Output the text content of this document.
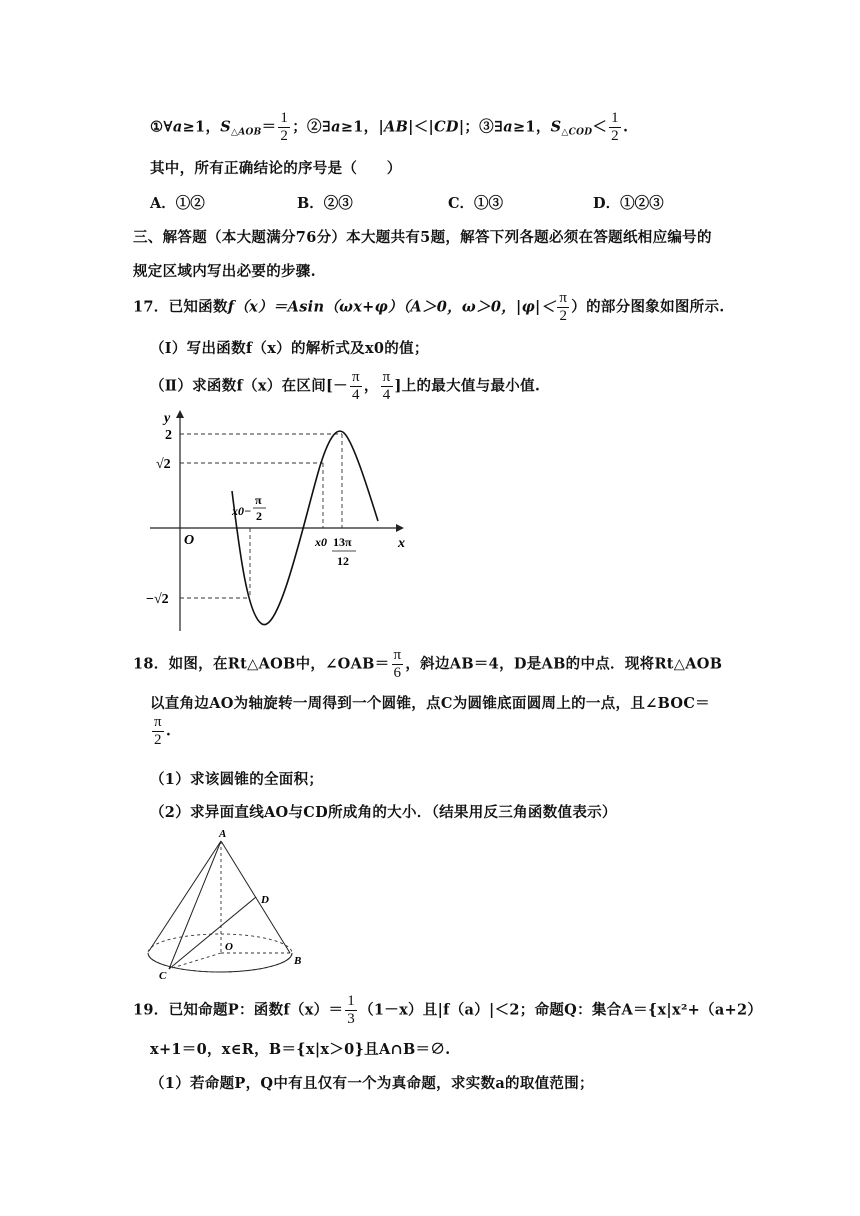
①∀a≥1，$S_{\triangle AOB}= \frac{1}{2}$ ；②∃a≥1，|AB|＜|CD|；③∃a≥1，$S_{\triangle COD}< \frac{1}{2}$ .
其中，所有正确结论的序号是（　　）
A．①②	B．②③	C．①③	D．①②③
三、解答题（本大题满分76分）本大题共有5题，解答下列各题必须在答题纸相应编号的
规定区域内写出必要的步骤.
17．已知函数f（x）＝Asin（ωx+φ）（A＞0，ω＞0，$|\varphi|< \frac{\pi}{2}$ ）的部分图象如图所示.
（Ⅰ）写出函数f（x）的解析式及x0的值；
（Ⅱ）求函数f（x）在区间[－ $\frac{\pi}{4}$ ， $\frac{\pi}{4}$ ]上的最大值与最小值.
y
2
√2
−√2
O	x
x0−
π
2
x0 13π
12
18．如图，在Rt△AOB中，∠OAB＝ $\frac{\pi}{6}$ ，斜边AB＝4，D是AB的中点．现将Rt△AOB
以直角边AO为轴旋转一周得到一个圆锥，点C为圆锥底面圆周上的一点，且∠BOC＝
$\frac{\pi}{2}$ .
（1）求该圆锥的全面积；
（2）求异面直线AO与CD所成角的大小．（结果用反三角函数值表示）
A
D
O
B
C
19．已知命题P：函数$f(x)= \frac{1}{3} (1-x)$且|f（a）|＜2；命题Q：集合A＝{x|x²+（a+2）
x+1＝0，x∈R，B＝{x|x＞0}且A∩B＝∅.
（1）若命题P，Q中有且仅有一个为真命题，求实数a的取值范围；
